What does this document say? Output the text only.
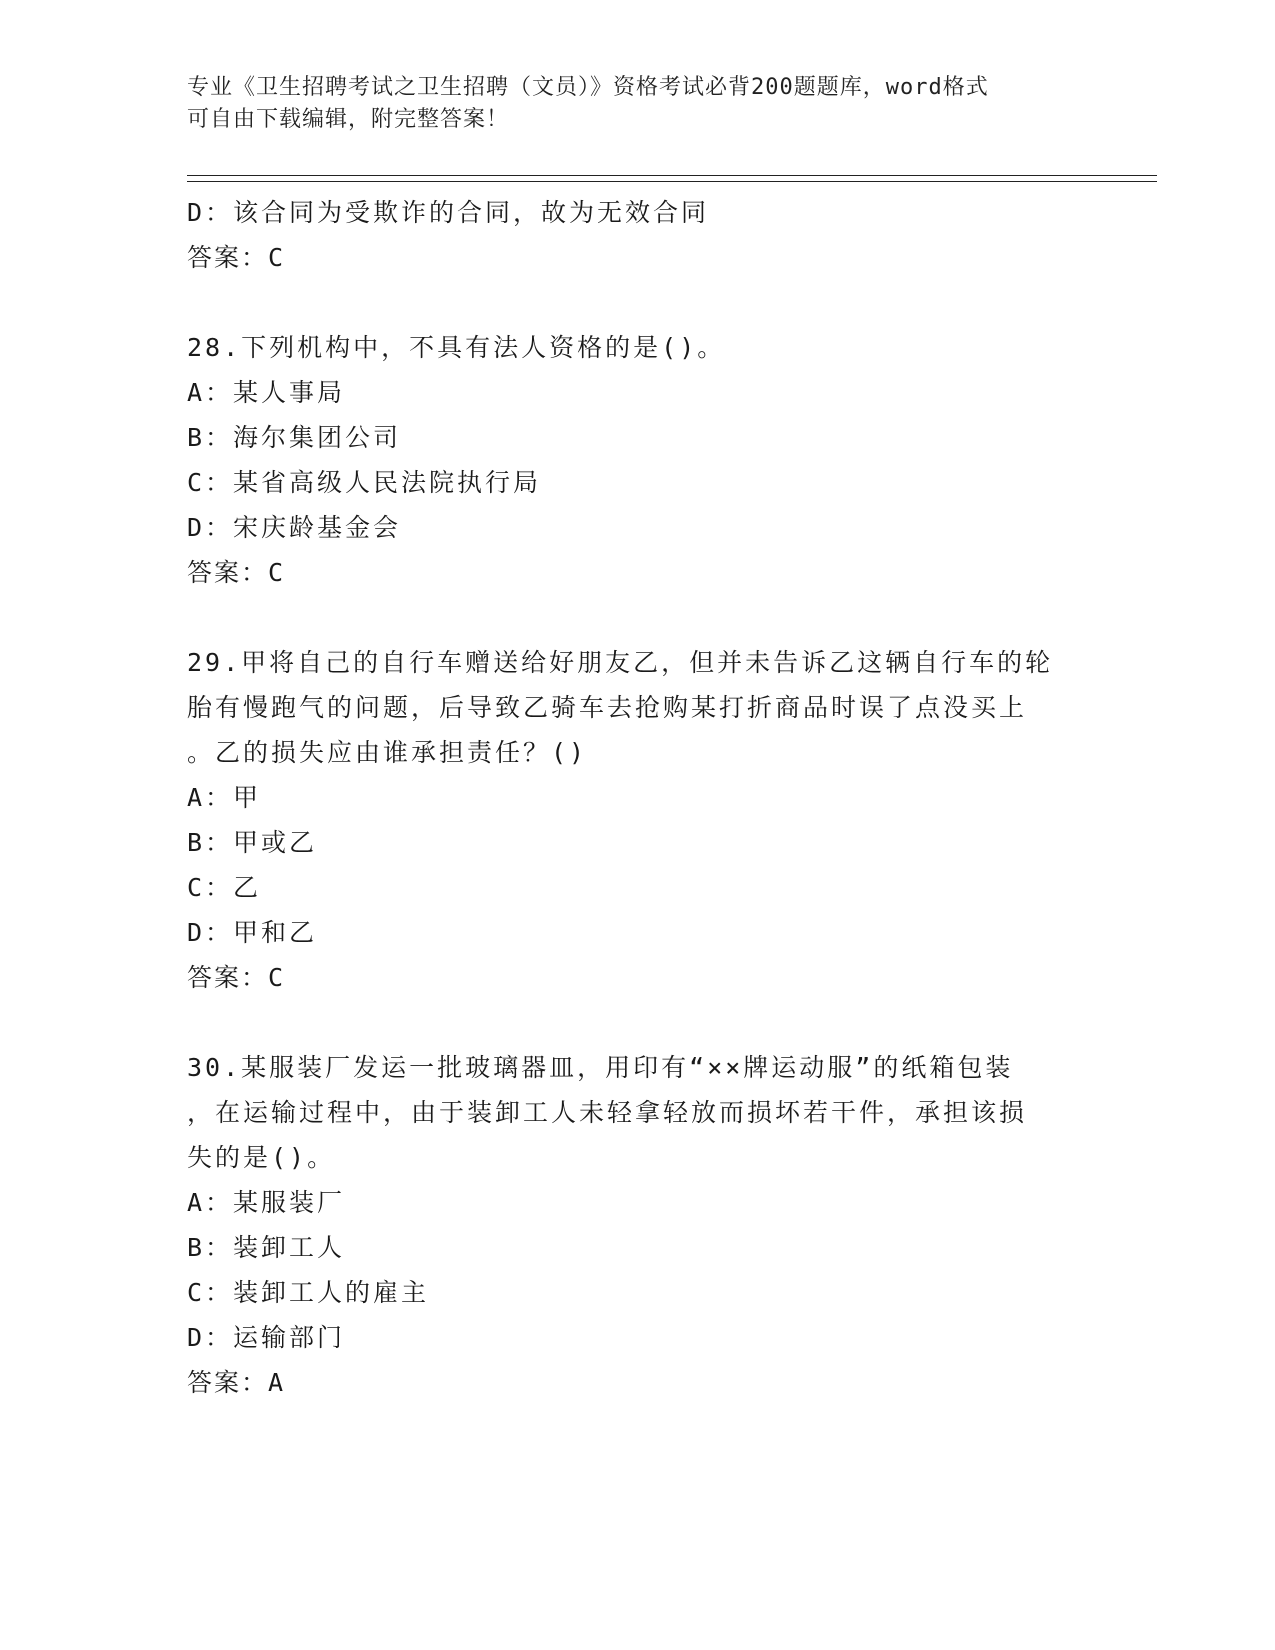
专业《卫生招聘考试之卫生招聘（文员）》资格考试必背200题题库，word格式
可自由下载编辑，附完整答案！
D：该合同为受欺诈的合同，故为无效合同
答案：C
28.下列机构中，不具有法人资格的是()。
A：某人事局
B：海尔集团公司
C：某省高级人民法院执行局
D：宋庆龄基金会
答案：C
29.甲将自己的自行车赠送给好朋友乙，但并未告诉乙这辆自行车的轮
胎有慢跑气的问题，后导致乙骑车去抢购某打折商品时误了点没买上
。乙的损失应由谁承担责任？()
A：甲
B：甲或乙
C：乙
D：甲和乙
答案：C
30.某服装厂发运一批玻璃器皿，用印有“××牌运动服”的纸箱包装
，在运输过程中，由于装卸工人未轻拿轻放而损坏若干件，承担该损
失的是()。
A：某服装厂
B：装卸工人
C：装卸工人的雇主
D：运输部门
答案：A
